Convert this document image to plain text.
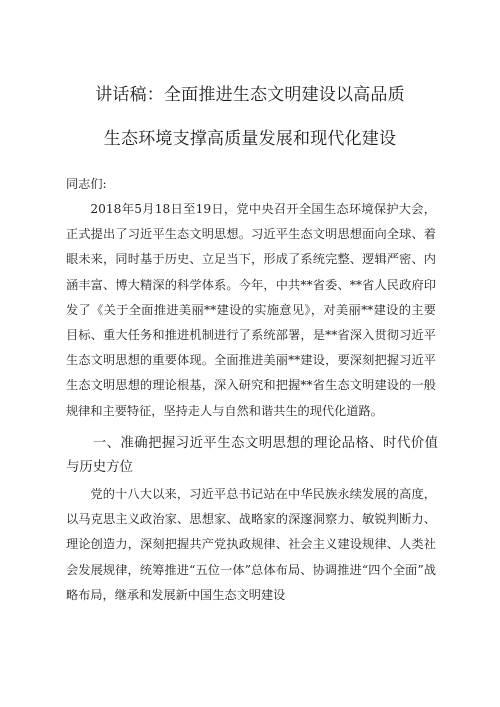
讲话稿：全面推进生态文明建设以高品质
生态环境支撑高质量发展和现代化建设
同志们:
2018年5月18日至19日，党中央召开全国生态环境保护大会，正式提出了习近平生态文明思想。习近平生态文明思想面向全球、着眼未来，同时基于历史、立足当下，形成了系统完整、逻辑严密、内涵丰富、博大精深的科学体系。今年，中共**省委、**省人民政府印发了《关于全面推进美丽**建设的实施意见》，对美丽**建设的主要目标、重大任务和推进机制进行了系统部署，是**省深入贯彻习近平生态文明思想的重要体现。全面推进美丽**建设，要深刻把握习近平生态文明思想的理论根基，深入研究和把握**省生态文明建设的一般规律和主要特征，坚持走人与自然和谐共生的现代化道路。
一、准确把握习近平生态文明思想的理论品格、时代价值与历史方位
党的十八大以来，习近平总书记站在中华民族永续发展的高度，以马克思主义政治家、思想家、战略家的深邃洞察力、敏锐判断力、理论创造力，深刻把握共产党执政规律、社会主义建设规律、人类社会发展规律，统筹推进“五位一体”总体布局、协调推进“四个全面”战略布局，继承和发展新中国生态文明建设
